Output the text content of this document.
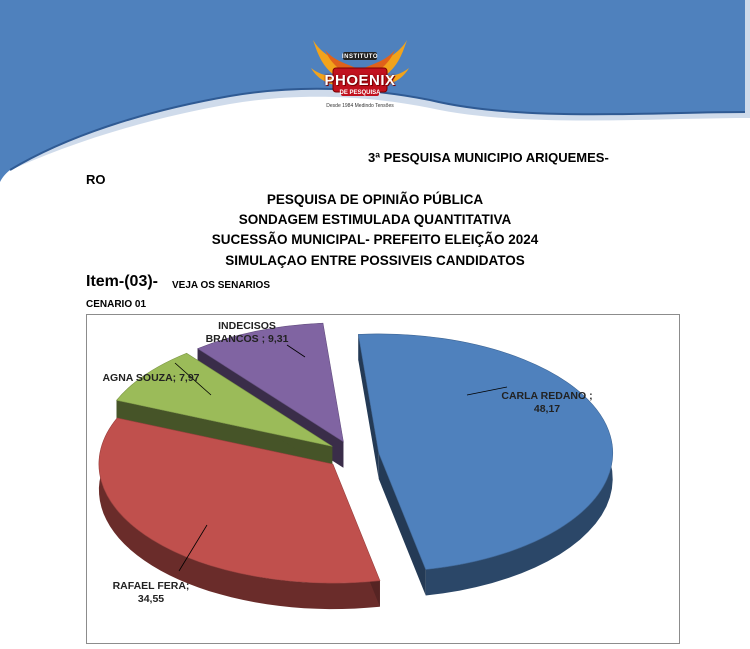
INSTITUTO
PHOENIX
DE PESQUISA
Desde 1984 Medindo Tensões
3ª PESQUISA MUNICIPIO ARIQUEMES-
RO
PESQUISA DE OPINIÃO PÚBLICA
SONDAGEM ESTIMULADA QUANTITATIVA
SUCESSÃO MUNICIPAL- PREFEITO ELEIÇÃO 2024
SIMULAÇAO ENTRE POSSIVEIS CANDIDATOS
Item-(03)- VEJA OS SENARIOS
CENARIO 01
CARLA REDANO ;
48,17
RAFAEL FERA;
34,55
AGNA SOUZA; 7,97
INDECISOS
BRANCOS ; 9,31
